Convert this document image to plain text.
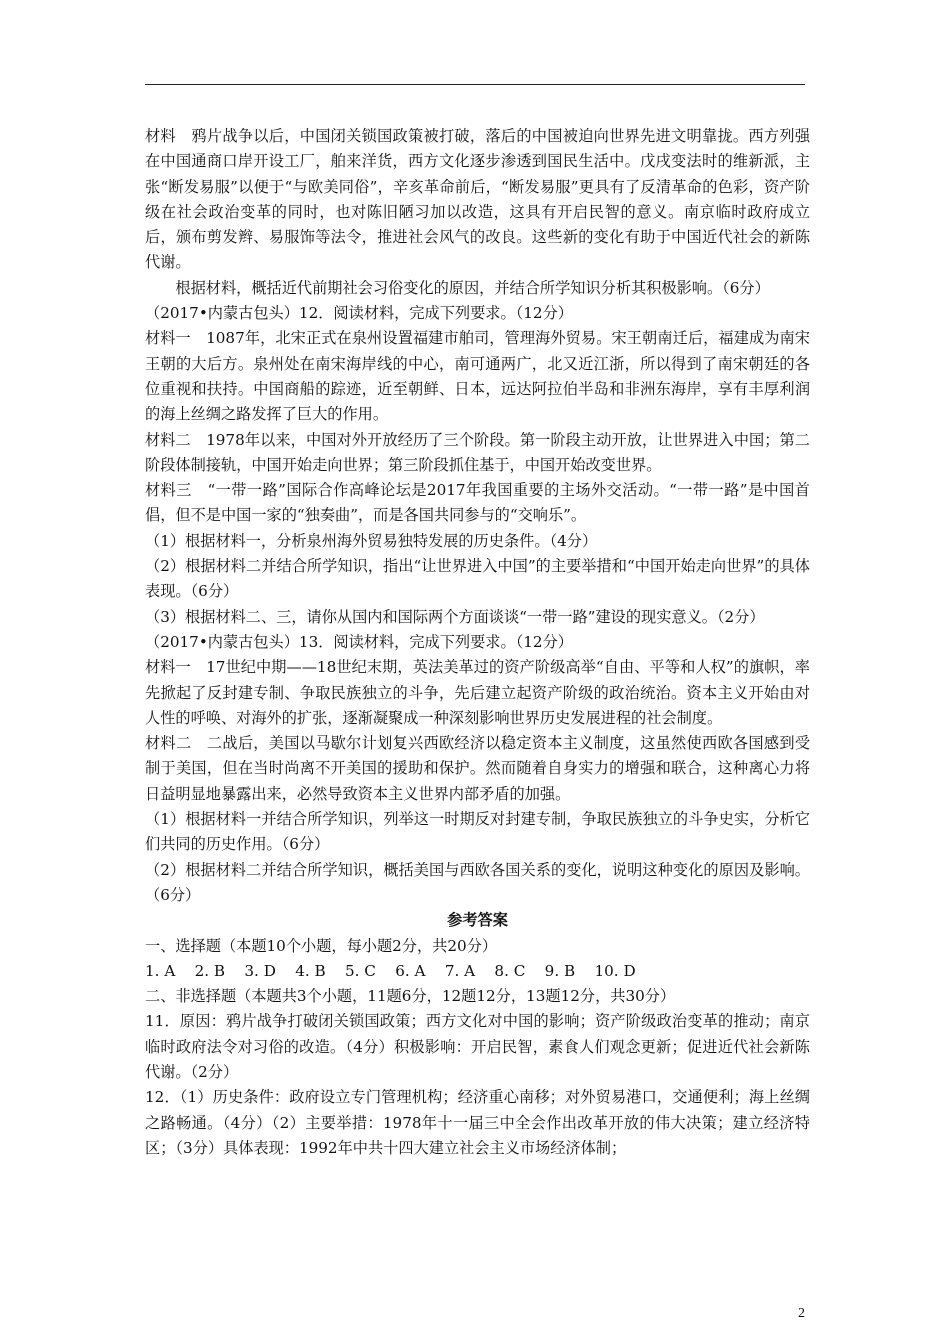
材料　鸦片战争以后，中国闭关锁国政策被打破，落后的中国被迫向世界先进文明靠拢。西方列强在中国通商口岸开设工厂，舶来洋货，西方文化逐步渗透到国民生活中。戊戌变法时的维新派，主张“断发易服”以便于“与欧美同俗”，辛亥革命前后，“断发易服”更具有了反清革命的色彩，资产阶级在社会政治变革的同时，也对陈旧陋习加以改造，这具有开启民智的意义。南京临时政府成立后，颁布剪发辫、易服饰等法令，推进社会风气的改良。这些新的变化有助于中国近代社会的新陈代谢。

根据材料，概括近代前期社会习俗变化的原因，并结合所学知识分析其积极影响。（6分）

（2017•内蒙古包头）12．阅读材料，完成下列要求。（12分）

材料一　1087年，北宋正式在泉州设置福建市舶司，管理海外贸易。宋王朝南迁后，福建成为南宋王朝的大后方。泉州处在南宋海岸线的中心，南可通两广，北又近江浙，所以得到了南宋朝廷的各位重视和扶持。中国商船的踪迹，近至朝鲜、日本，远达阿拉伯半岛和非洲东海岸，享有丰厚利润的海上丝绸之路发挥了巨大的作用。

材料二　1978年以来，中国对外开放经历了三个阶段。第一阶段主动开放，让世界进入中国；第二阶段体制接轨，中国开始走向世界；第三阶段抓住基于，中国开始改变世界。

材料三　“一带一路”国际合作高峰论坛是2017年我国重要的主场外交活动。“一带一路”是中国首倡，但不是中国一家的“独奏曲”，而是各国共同参与的“交响乐”。

（1）根据材料一，分析泉州海外贸易独特发展的历史条件。（4分）

（2）根据材料二并结合所学知识，指出“让世界进入中国”的主要举措和“中国开始走向世界”的具体表现。（6分）

（3）根据材料二、三，请你从国内和国际两个方面谈谈“一带一路”建设的现实意义。（2分）

（2017•内蒙古包头）13．阅读材料，完成下列要求。（12分）

材料一　17世纪中期——18世纪末期，英法美革过的资产阶级高举“自由、平等和人权”的旗帜，率先掀起了反封建专制、争取民族独立的斗争，先后建立起资产阶级的政治统治。资本主义开始由对人性的呼唤、对海外的扩张，逐渐凝聚成一种深刻影响世界历史发展进程的社会制度。

材料二　二战后，美国以马歇尔计划复兴西欧经济以稳定资本主义制度，这虽然使西欧各国感到受制于美国，但在当时尚离不开美国的援助和保护。然而随着自身实力的增强和联合，这种离心力将日益明显地暴露出来，必然导致资本主义世界内部矛盾的加强。

（1）根据材料一并结合所学知识，列举这一时期反对封建专制，争取民族独立的斗争史实，分析它们共同的历史作用。（6分）

（2）根据材料二并结合所学知识，概括美国与西欧各国关系的变化，说明这种变化的原因及影响。（6分）

参考答案

一、选择题（本题10个小题，每小题2分，共20分）

1. A    2. B    3. D    4. B    5. C    6. A    7. A    8. C    9. B    10. D

二、非选择题（本题共3个小题，11题6分，12题12分，13题12分，共30分）

11．原因：鸦片战争打破闭关锁国政策；西方文化对中国的影响；资产阶级政治变革的推动；南京临时政府法令对习俗的改造。（4分）积极影响：开启民智，素食人们观念更新；促进近代社会新陈代谢。（2分）

12．（1）历史条件：政府设立专门管理机构；经济重心南移；对外贸易港口，交通便利；海上丝绸之路畅通。（4分）（2）主要举措：1978年十一届三中全会作出改革开放的伟大决策；建立经济特区；（3分）具体表现：1992年中共十四大建立社会主义市场经济体制；

2
